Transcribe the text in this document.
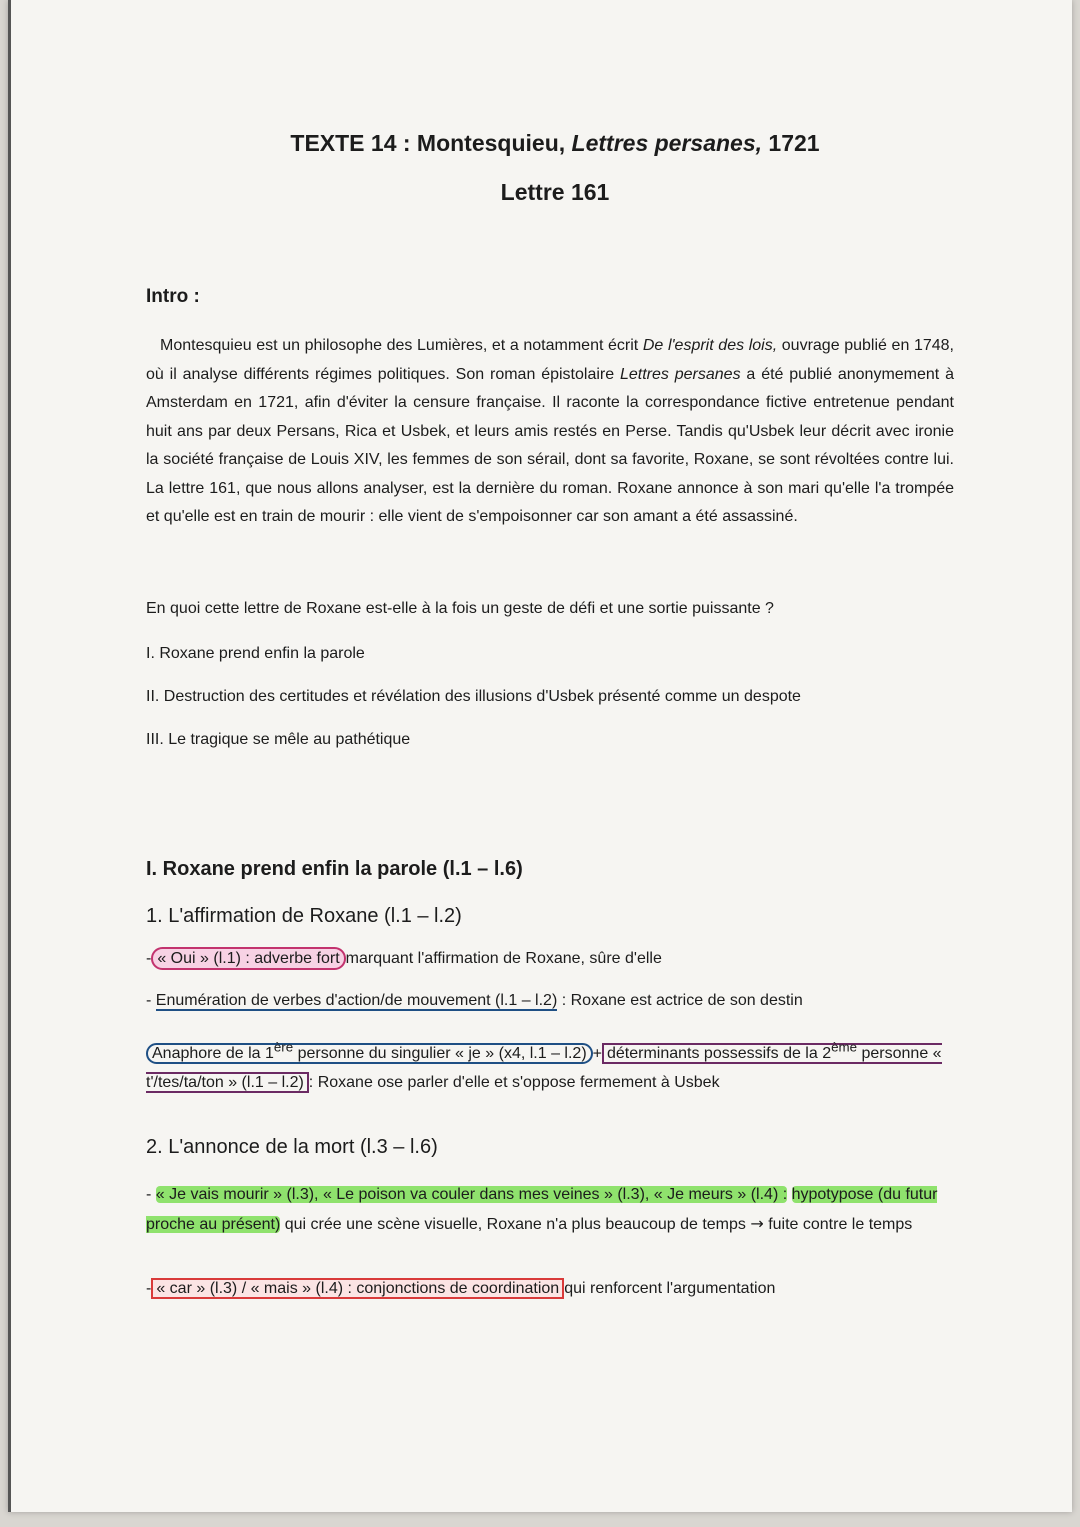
TEXTE 14 : Montesquieu, Lettres persanes, 1721
Lettre 161
Intro :

Montesquieu est un philosophe des Lumières, et a notamment écrit De l'esprit des lois, ouvrage publié en 1748, où il analyse différents régimes politiques. Son roman épistolaire Lettres persanes a été publié anonymement à Amsterdam en 1721, afin d'éviter la censure française. Il raconte la correspondance fictive entretenue pendant huit ans par deux Persans, Rica et Usbek, et leurs amis restés en Perse. Tandis qu'Usbek leur décrit avec ironie la société française de Louis XIV, les femmes de son sérail, dont sa favorite, Roxane, se sont révoltées contre lui. La lettre 161, que nous allons analyser, est la dernière du roman. Roxane annonce à son mari qu'elle l'a trompée et qu'elle est en train de mourir : elle vient de s'empoisonner car son amant a été assassiné.

En quoi cette lettre de Roxane est-elle à la fois un geste de défi et une sortie puissante ?
I. Roxane prend enfin la parole
II. Destruction des certitudes et révélation des illusions d'Usbek présenté comme un despote
III. Le tragique se mêle au pathétique
I. Roxane prend enfin la parole (l.1 – l.6)
1. L'affirmation de Roxane (l.1 – l.2)
- « Oui » (l.1) : adverbe fort marquant l'affirmation de Roxane, sûre d'elle
- Enumération de verbes d'action/de mouvement (l.1 – l.2) : Roxane est actrice de son destin
Anaphore de la 1ère personne du singulier « je » (x4, l.1 – l.2) + déterminants possessifs de la 2ème personne « t'/tes/ta/ton » (l.1 – l.2) : Roxane ose parler d'elle et s'oppose fermement à Usbek
2. L'annonce de la mort (l.3 – l.6)
- « Je vais mourir » (l.3), « Le poison va couler dans mes veines » (l.3), « Je meurs » (l.4) : hypotypose (du futur proche au présent) qui crée une scène visuelle, Roxane n'a plus beaucoup de temps → fuite contre le temps
- « car » (l.3) / « mais » (l.4) : conjonctions de coordination qui renforcent l'argumentation
